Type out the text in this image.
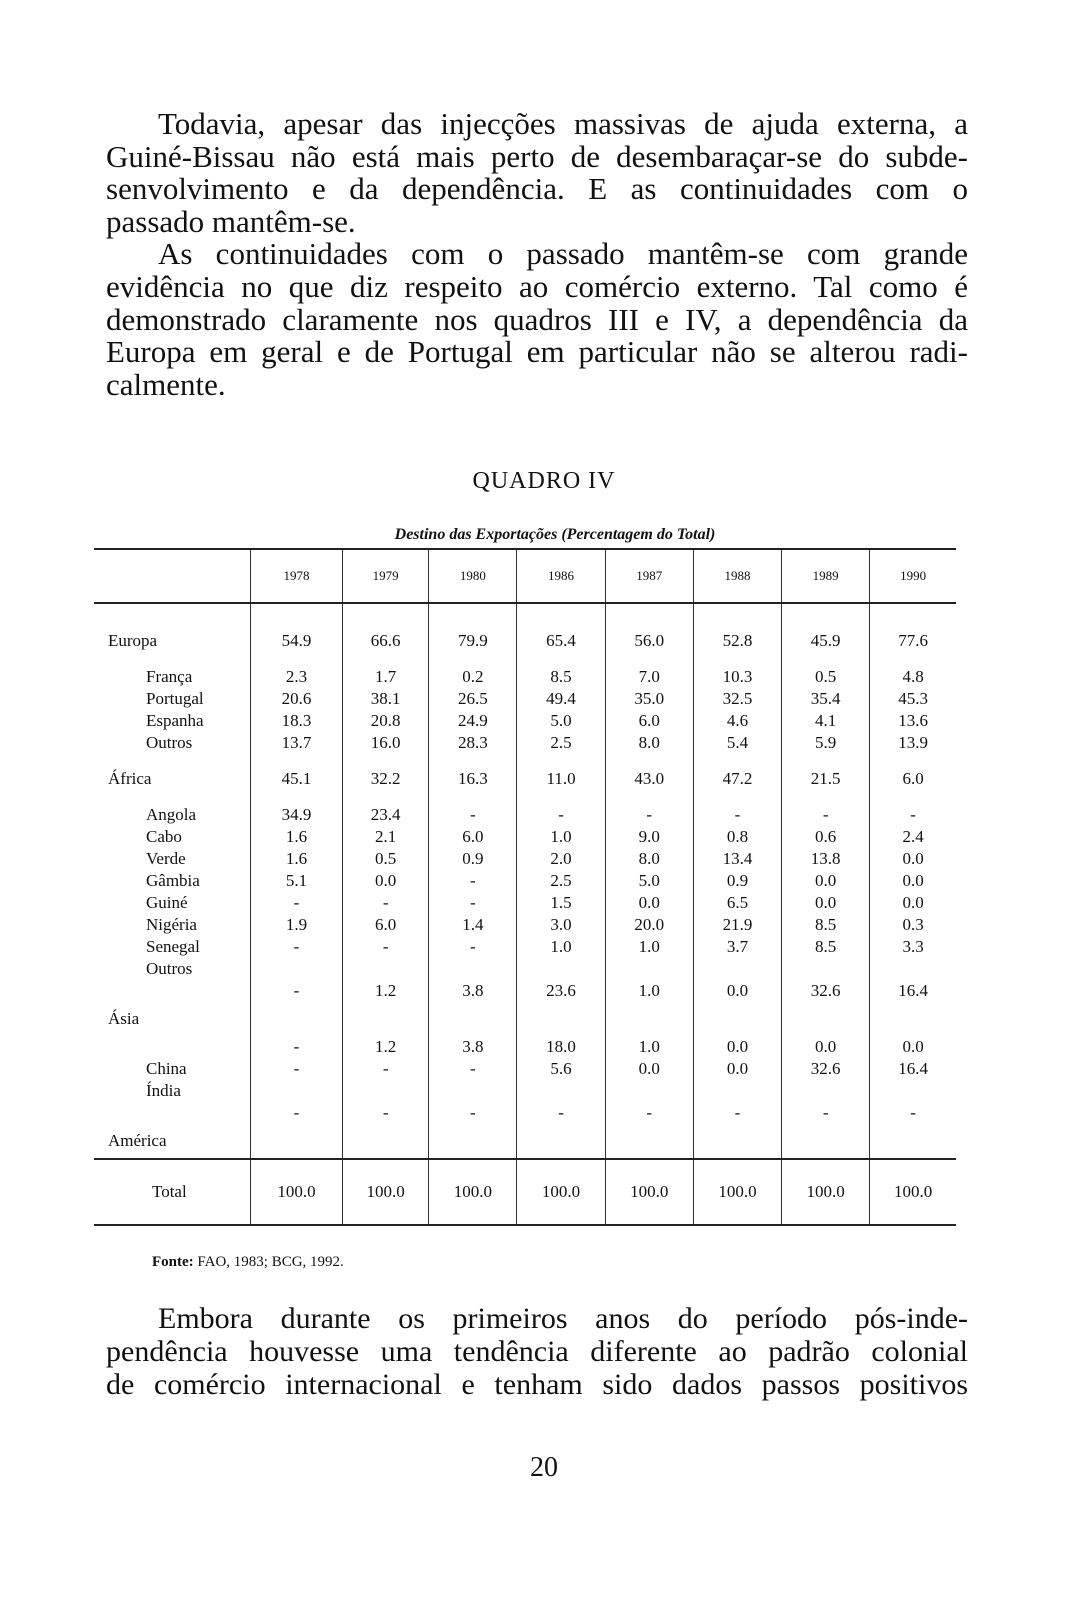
Todavia, apesar das injecções massivas de ajuda externa, a
Guiné-Bissau não está mais perto de desembaraçar-se do subde-
senvolvimento e da dependência. E as continuidades com o
passado mantêm-se.
As continuidades com o passado mantêm-se com grande
evidência no que diz respeito ao comércio externo. Tal como é
demonstrado claramente nos quadros III e IV, a dependência da
Europa em geral e de Portugal em particular não se alterou radi-
calmente.
QUADRO IV
Destino das Exportações (Percentagem do Total)
	1978	1979	1980	1986	1987	1988	1989	1990

Europa	54.9	66.6	79.9	65.4	56.0	52.8	45.9	77.6

França	2.3	1.7	0.2	8.5	7.0	10.3	0.5	4.8
Portugal	20.6	38.1	26.5	49.4	35.0	32.5	35.4	45.3
Espanha	18.3	20.8	24.9	5.0	6.0	4.6	4.1	13.6
Outros	13.7	16.0	28.3	2.5	8.0	5.4	5.9	13.9

África	45.1	32.2	16.3	11.0	43.0	47.2	21.5	6.0

Angola	34.9	23.4	-	-	-	-	-	-
Cabo	1.6	2.1	6.0	1.0	9.0	0.8	0.6	2.4
Verde	1.6	0.5	0.9	2.0	8.0	13.4	13.8	0.0
Gâmbia	5.1	0.0	-	2.5	5.0	0.9	0.0	0.0
Guiné	-	-	-	1.5	0.0	6.5	0.0	0.0
Nigéria	1.9	6.0	1.4	3.0	20.0	21.9	8.5	0.3
Senegal	-	-	-	1.0	1.0	3.7	8.5	3.3
Outros								
	-	1.2	3.8	23.6	1.0	0.0	32.6	16.4
Ásia								
	-	1.2	3.8	18.0	1.0	0.0	0.0	0.0
China	-	-	-	5.6	0.0	0.0	32.6	16.4
Índia								
	-	-	-	-	-	-	-	-
América								
Total	100.0	100.0	100.0	100.0	100.0	100.0	100.0	100.0
Fonte: FAO, 1983; BCG, 1992.
Embora durante os primeiros anos do período pós-inde-
pendência houvesse uma tendência diferente ao padrão colonial
de comércio internacional e tenham sido dados passos positivos
20
